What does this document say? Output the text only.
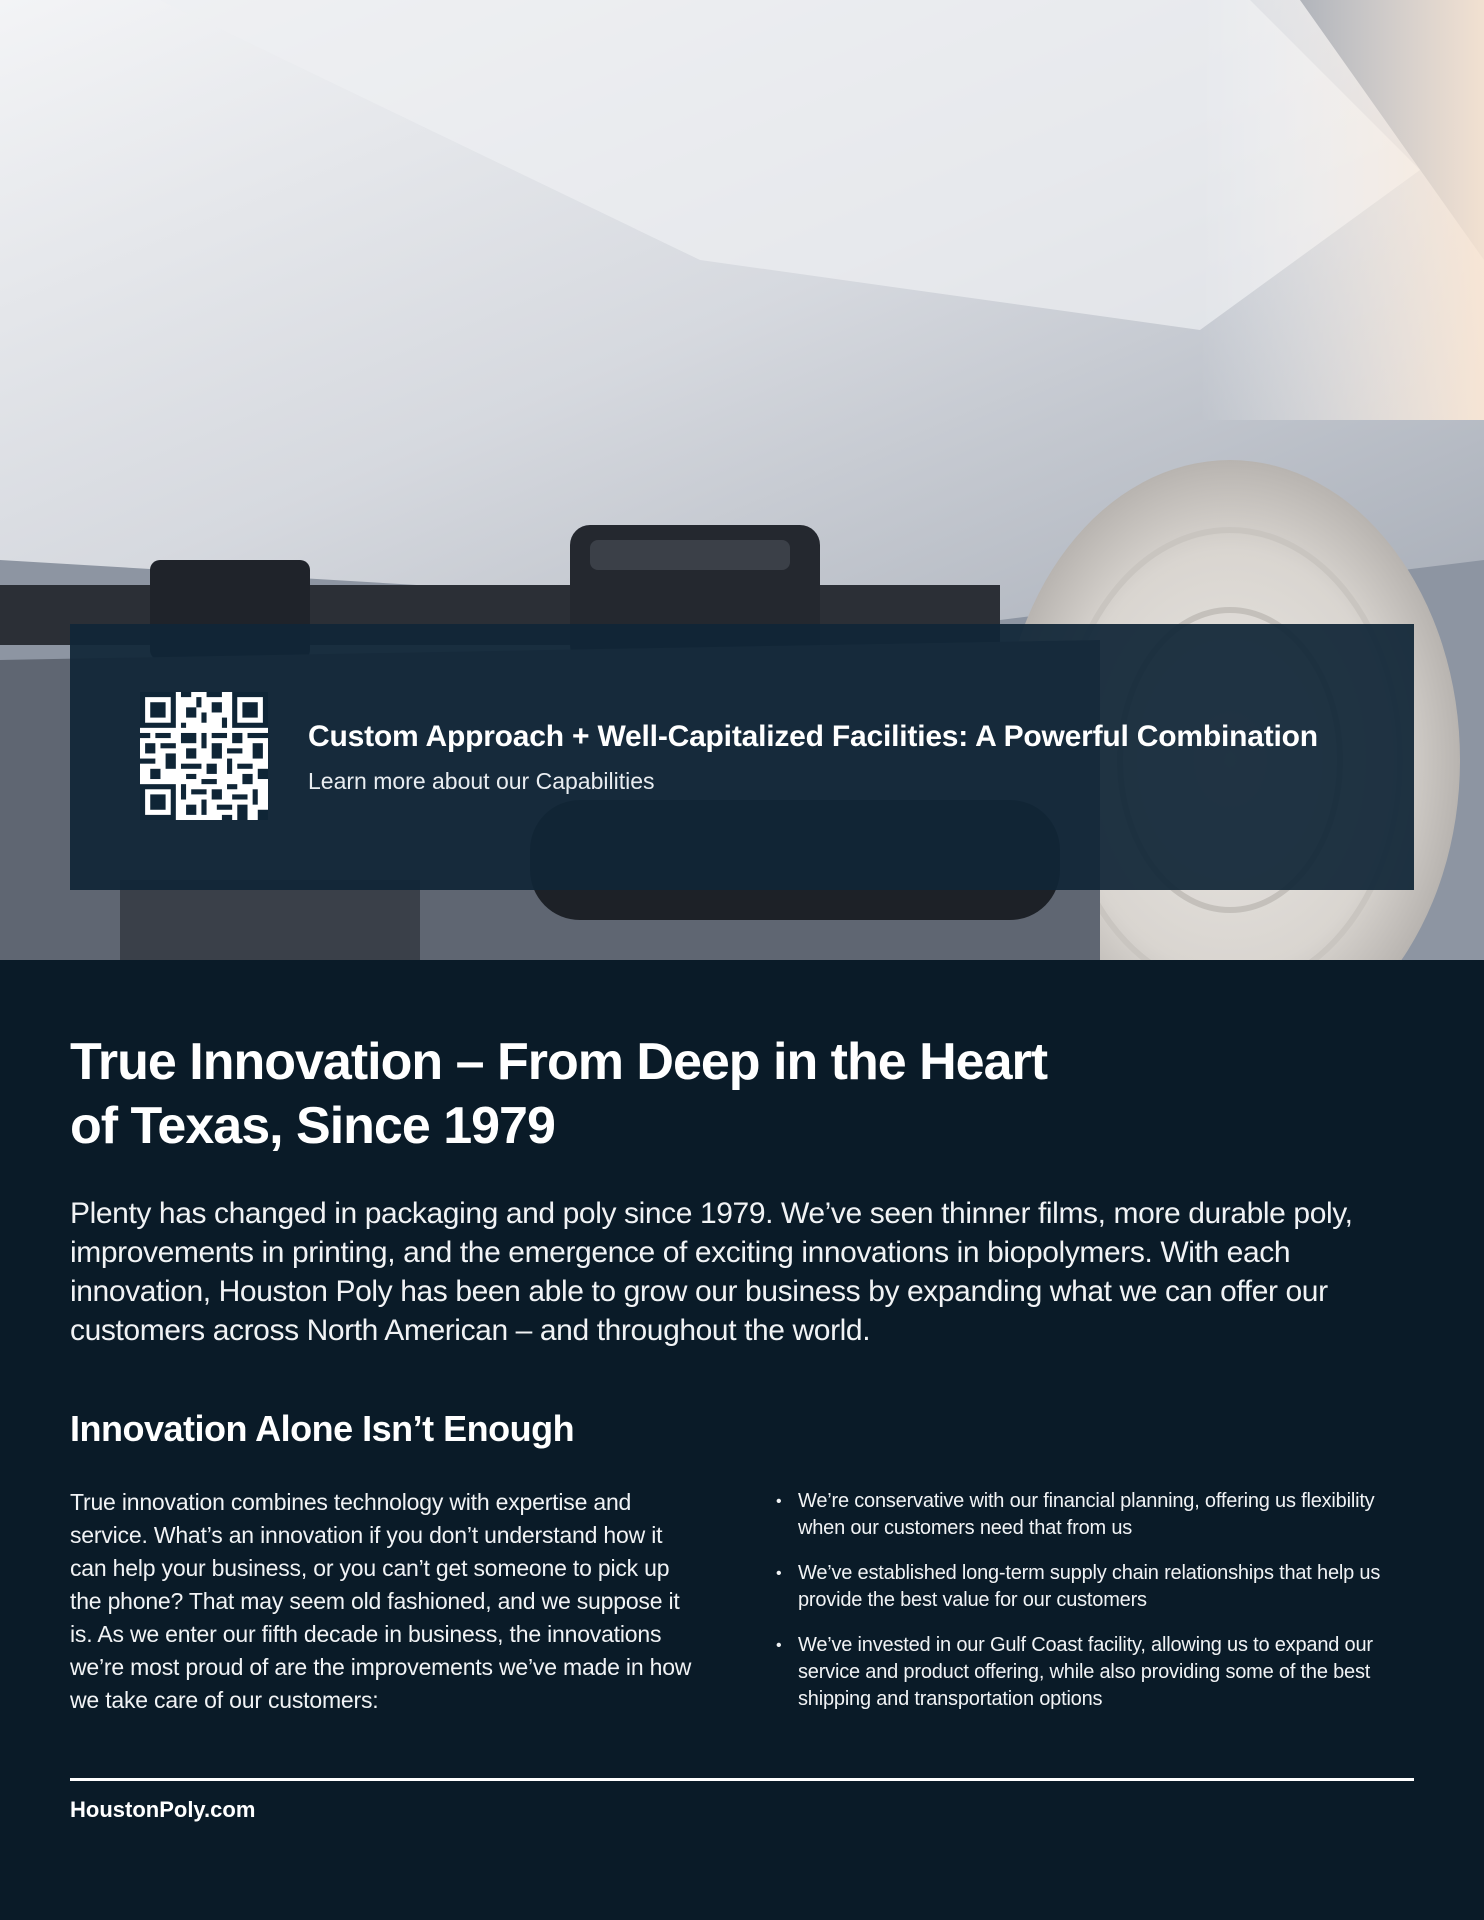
Custom Approach + Well-Capitalized Facilities: A Powerful Combination
Learn more about our Capabilities
True Innovation – From Deep in the Heart
of Texas, Since 1979

Plenty has changed in packaging and poly since 1979. We’ve seen thinner films, more durable poly, improvements in printing, and the emergence of exciting innovations in biopolymers. With each innovation, Houston Poly has been able to grow our business by expanding what we can offer our customers across North American – and throughout the world.

Innovation Alone Isn’t Enough

True innovation combines technology with expertise and service. What’s an innovation if you don’t understand how it can help your business, or you can’t get someone to pick up the phone? That may seem old fashioned, and we suppose it is. As we enter our fifth decade in business, the innovations we’re most proud of are the improvements we’ve made in how we take care of our customers:

• We’re conservative with our financial planning, offering us flexibility when our customers need that from us
• We’ve established long-term supply chain relationships that help us provide the best value for our customers
• We’ve invested in our Gulf Coast facility, allowing us to expand our service and product offering, while also providing some of the best shipping and transportation options
HoustonPoly.com
